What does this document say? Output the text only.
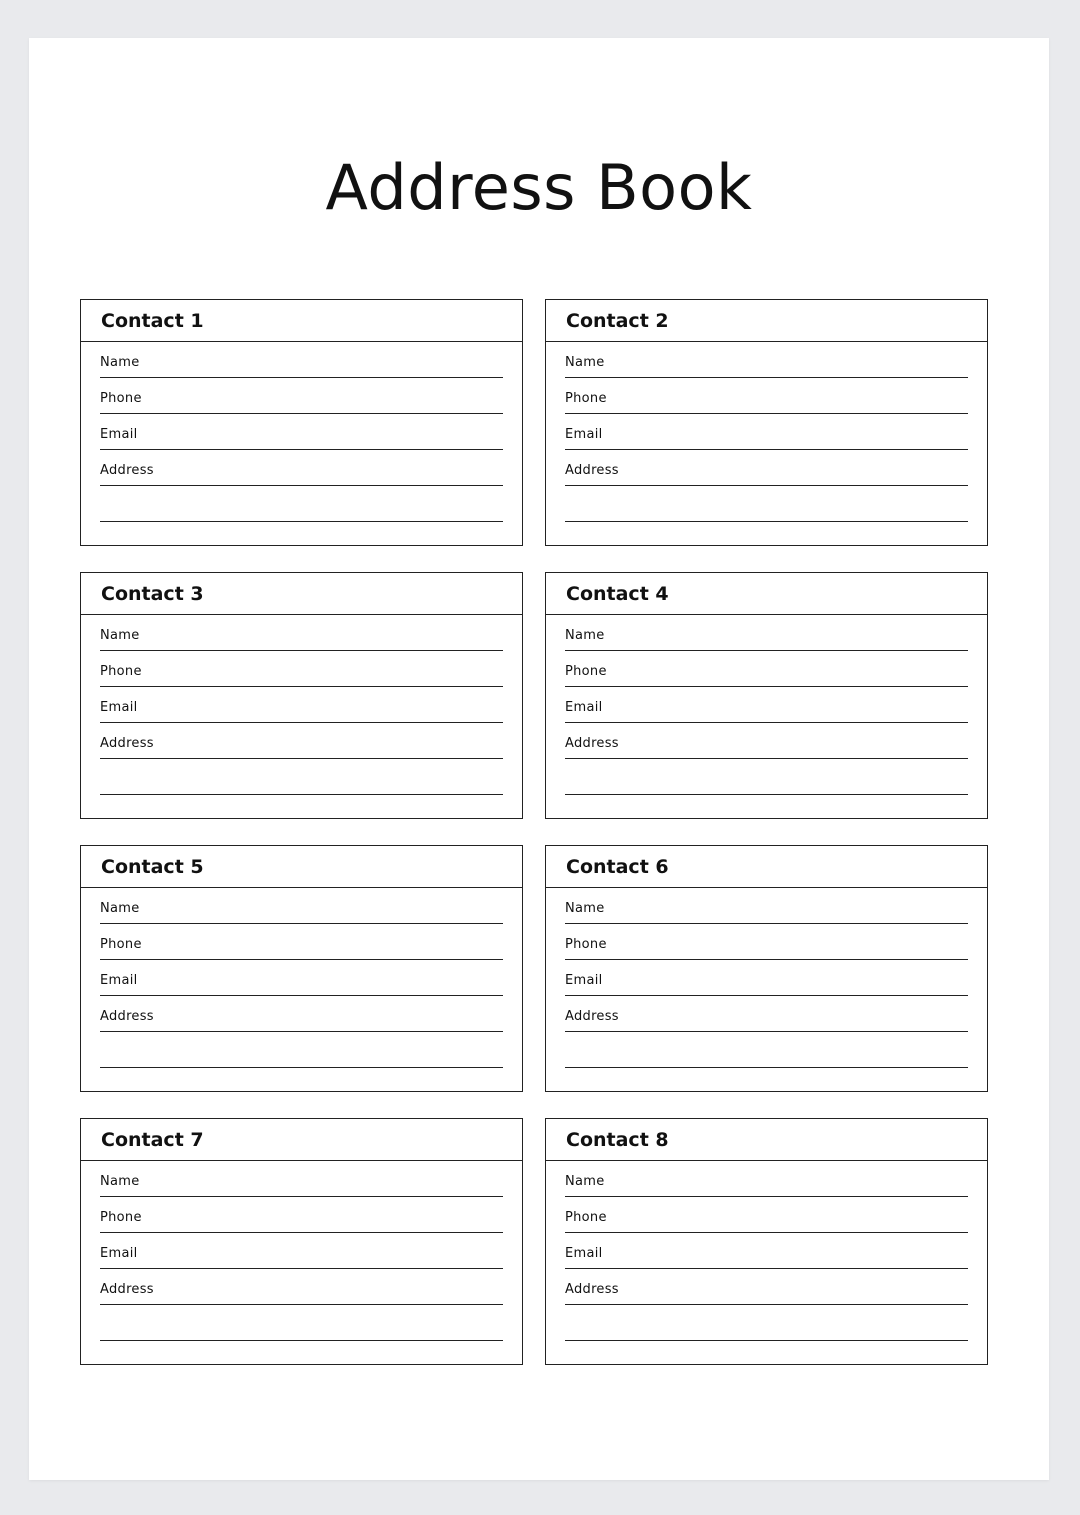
Address Book
Contact 1
Name
Phone
Email
Address
Contact 2
Name
Phone
Email
Address
Contact 3
Name
Phone
Email
Address
Contact 4
Name
Phone
Email
Address
Contact 5
Name
Phone
Email
Address
Contact 6
Name
Phone
Email
Address
Contact 7
Name
Phone
Email
Address
Contact 8
Name
Phone
Email
Address
